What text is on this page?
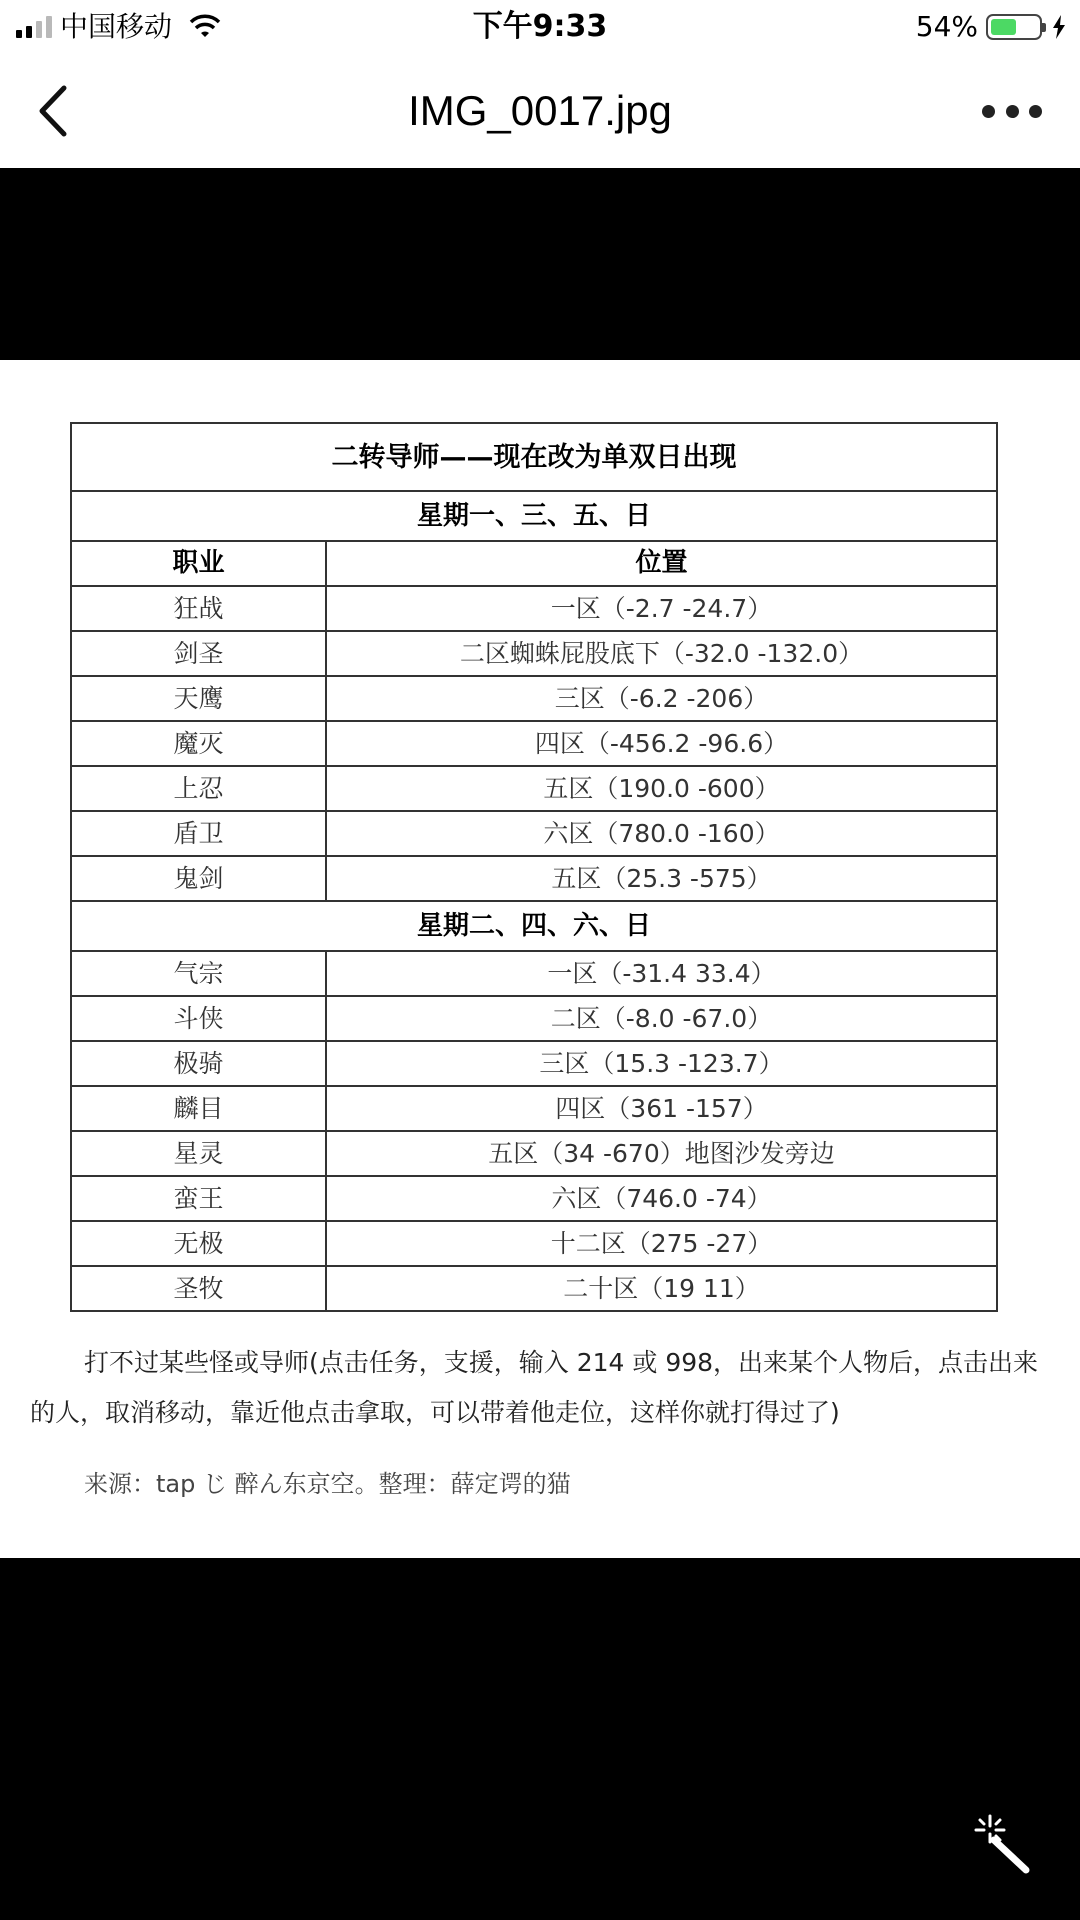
中国移动	下午9:33	54%
IMG_0017.jpg
二转导师——现在改为单双日出现	
星期一、三、五、日	
职业	位置
狂战	一区（-2.7 -24.7）
剑圣	二区蜘蛛屁股底下（-32.0 -132.0）
天鹰	三区（-6.2 -206）
魔灭	四区（-456.2 -96.6）
上忍	五区（190.0 -600）
盾卫	六区（780.0 -160）
鬼剑	五区（25.3 -575）
星期二、四、六、日	
气宗	一区（-31.4 33.4）
斗侠	二区（-8.0 -67.0）
极骑	三区（15.3 -123.7）
麟目	四区（361 -157）
星灵	五区（34 -670）地图沙发旁边
蛮王	六区（746.0 -74）
无极	十二区（275 -27）
圣牧	二十区（19 11）
打不过某些怪或导师(点击任务，支援，输入 214 或 998，出来某个人物后，点击出来的人，取消移动，靠近他点击拿取，可以带着他走位，这样你就打得过了)
来源：tap じ 醉ん东京空。整理：薛定谔的猫
